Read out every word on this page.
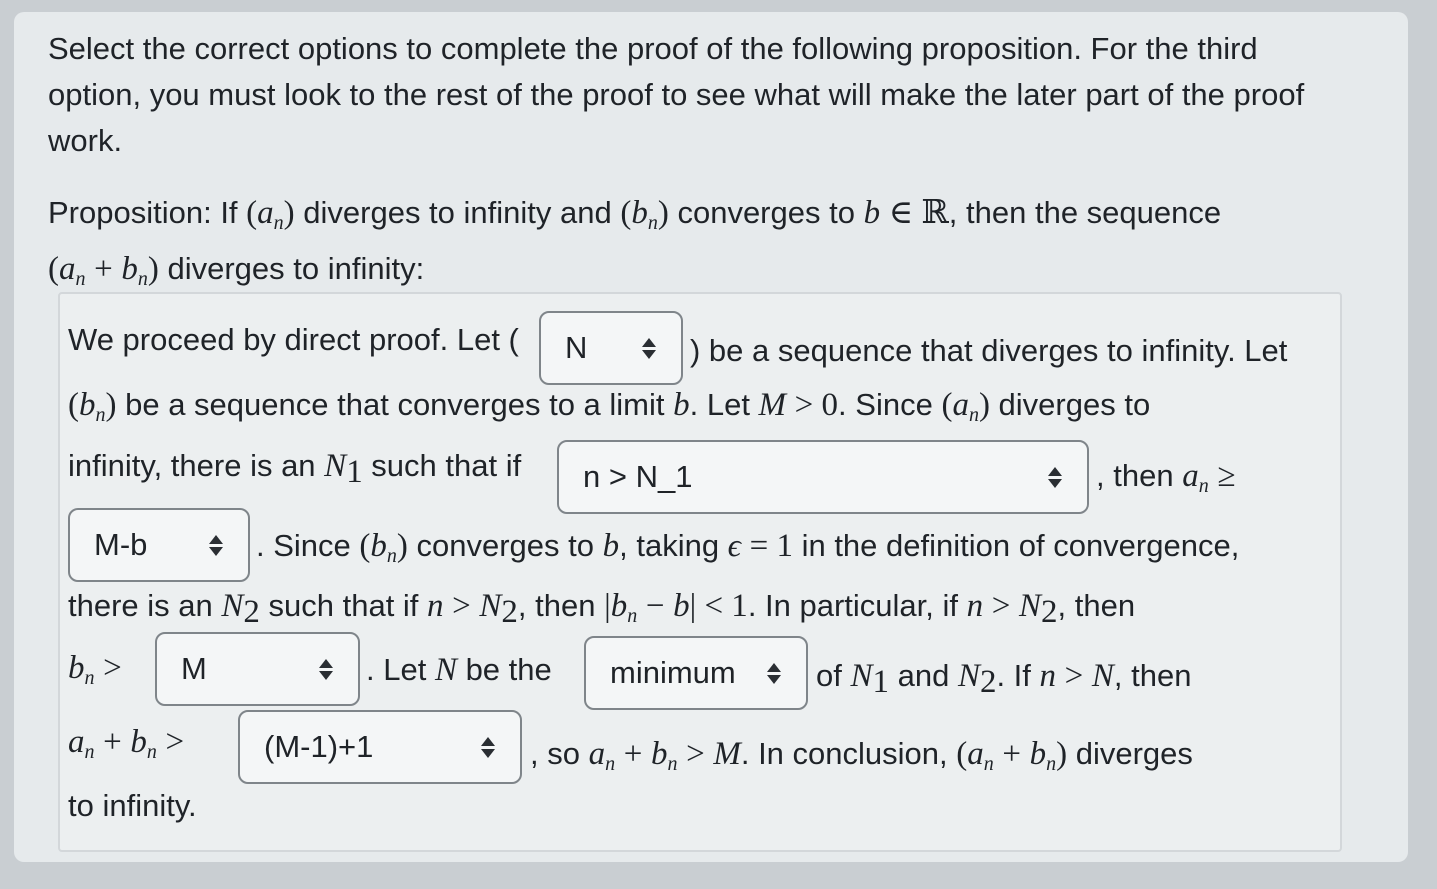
Select the correct options to complete the proof of the following proposition. For the third
option, you must look to the rest of the proof to see what will make the later part of the proof
work.
Proposition: If $(a_n)$ diverges to infinity and $(b_n)$ converges to b ∈ ℝ, then the sequence
$(a_n + b_n)$ diverges to infinity:
We proceed by direct proof. Let (	N	) be a sequence that diverges to infinity. Let
$(b_n)$ be a sequence that converges to a limit b. Let M > 0. Since $(a_n)$ diverges to
infinity, there is an $N_1$ such that if	n > N_1	, then $a_n$ ≥
M-b	. Since $(b_n)$ converges to b, taking ϵ = 1 in the definition of convergence,
there is an $N_2$ such that if $n > N_2$, then $|b_n - b| < 1$. In particular, if $n > N_2$, then
$b_n$ >	M	. Let N be the	minimum	of $N_1$ and $N_2$. If n > N, then
$a_n + b_n$ >	(M-1)+1	, so $a_n + b_n > M$. In conclusion, $(a_n + b_n)$ diverges
to infinity.
